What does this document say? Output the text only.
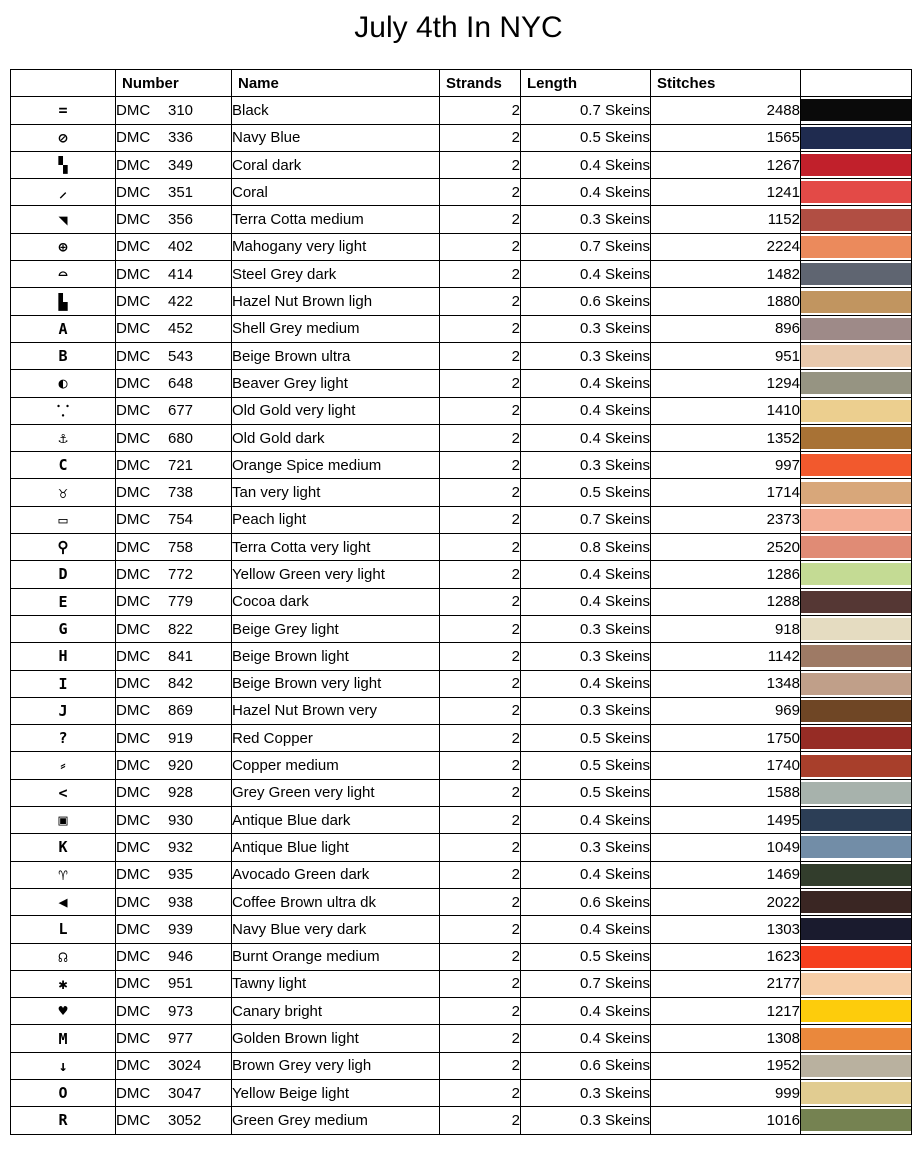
July 4th In NYC
	Number	Name	Strands	Length	Stitches	
=	DMC 310	Black	2	0.7 Skeins	2488	

⊘	DMC 336	Navy Blue	2	0.5 Skeins	1565	

▚	DMC 349	Coral dark	2	0.4 Skeins	1267	

⸝	DMC 351	Coral	2	0.4 Skeins	1241	

◥	DMC 356	Terra Cotta medium	2	0.3 Skeins	1152	

⊕	DMC 402	Mahogany very light	2	0.7 Skeins	2224	

⌓	DMC 414	Steel Grey dark	2	0.4 Skeins	1482	

▙	DMC 422	Hazel Nut Brown ligh	2	0.6 Skeins	1880	

A	DMC 452	Shell Grey medium	2	0.3 Skeins	896	

B	DMC 543	Beige Brown ultra	2	0.3 Skeins	951	

◐	DMC 648	Beaver Grey light	2	0.4 Skeins	1294	

⸪	DMC 677	Old Gold very light	2	0.4 Skeins	1410	

⚓	DMC 680	Old Gold dark	2	0.4 Skeins	1352	

C	DMC 721	Orange Spice medium	2	0.3 Skeins	997	

♉	DMC 738	Tan very light	2	0.5 Skeins	1714	

▭	DMC 754	Peach light	2	0.7 Skeins	2373	

⚲	DMC 758	Terra Cotta very light	2	0.8 Skeins	2520	

D	DMC 772	Yellow Green very light	2	0.4 Skeins	1286	

E	DMC 779	Cocoa dark	2	0.4 Skeins	1288	

G	DMC 822	Beige Grey light	2	0.3 Skeins	918	

H	DMC 841	Beige Brown light	2	0.3 Skeins	1142	

I	DMC 842	Beige Brown very light	2	0.4 Skeins	1348	

J	DMC 869	Hazel Nut Brown very	2	0.3 Skeins	969	

?	DMC 919	Red Copper	2	0.5 Skeins	1750	

⸗	DMC 920	Copper medium	2	0.5 Skeins	1740	

<	DMC 928	Grey Green very light	2	0.5 Skeins	1588	

▣	DMC 930	Antique Blue dark	2	0.4 Skeins	1495	

K	DMC 932	Antique Blue light	2	0.3 Skeins	1049	

♈	DMC 935	Avocado Green dark	2	0.4 Skeins	1469	

◀	DMC 938	Coffee Brown ultra dk	2	0.6 Skeins	2022	

L	DMC 939	Navy Blue very dark	2	0.4 Skeins	1303	

☊	DMC 946	Burnt Orange medium	2	0.5 Skeins	1623	

✱	DMC 951	Tawny light	2	0.7 Skeins	2177	

♥	DMC 973	Canary bright	2	0.4 Skeins	1217	

M	DMC 977	Golden Brown light	2	0.4 Skeins	1308	

↓	DMC 3024	Brown Grey very ligh	2	0.6 Skeins	1952	

O	DMC 3047	Yellow Beige light	2	0.3 Skeins	999	

R	DMC 3052	Green Grey medium	2	0.3 Skeins	1016	
